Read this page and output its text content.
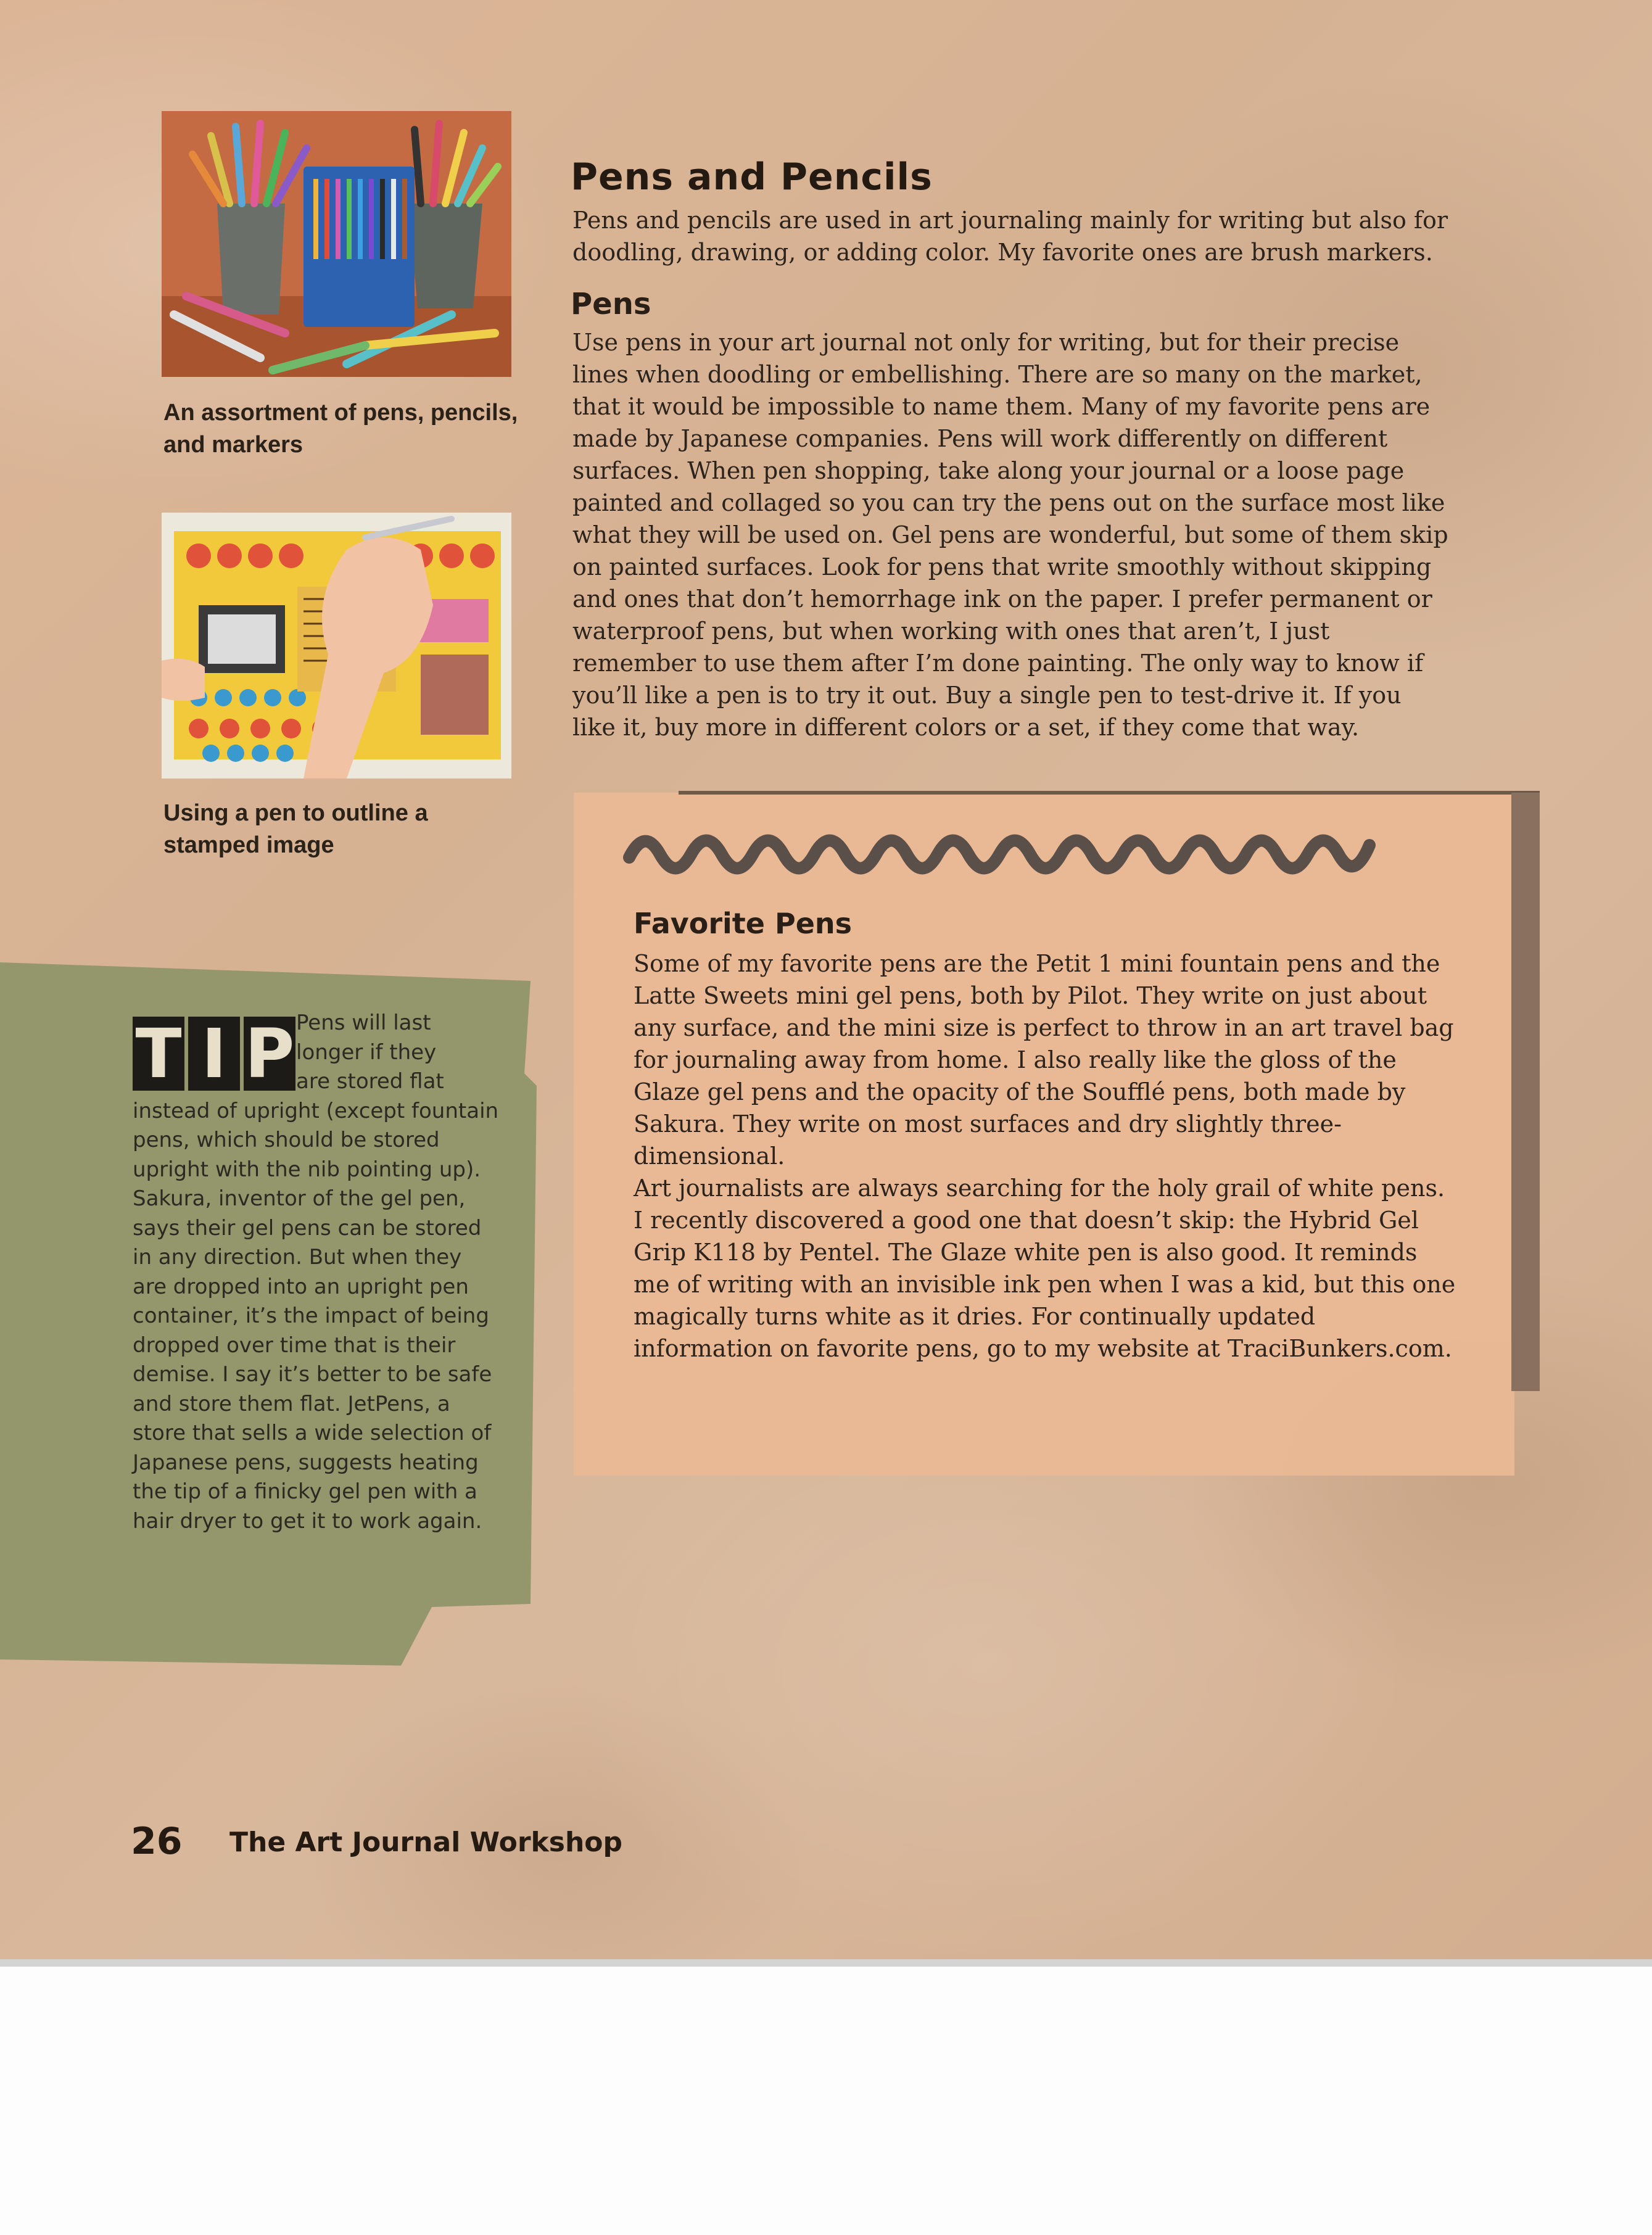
An assortment of pens, pencils, and markers
Using a pen to outline a stamped image
Pens and Pencils
Pens and pencils are used in art journaling mainly for writing but also for doodling, drawing, or adding color. My favorite ones are brush markers.
Pens
Use pens in your art journal not only for writing, but for their precise lines when doodling or embellishing. There are so many on the market, that it would be impossible to name them. Many of my favorite pens are made by Japanese companies. Pens will work differently on different surfaces. When pen shopping, take along your journal or a loose page painted and collaged so you can try the pens out on the surface most like what they will be used on. Gel pens are wonderful, but some of them skip on painted surfaces. Look for pens that write smoothly without skipping and ones that don’t hemorrhage ink on the paper. I prefer permanent or waterproof pens, but when working with ones that aren’t, I just remember to use them after I’m done painting. The only way to know if you’ll like a pen is to try it out. Buy a single pen to test-drive it. If you like it, buy more in different colors or a set, if they come that way.
Favorite Pens
Some of my favorite pens are the Petit 1 mini fountain pens and the Latte Sweets mini gel pens, both by Pilot. They write on just about any surface, and the mini size is perfect to throw in an art travel bag for journaling away from home. I also really like the gloss of the Glaze gel pens and the opacity of the Soufflé pens, both made by Sakura. They write on most surfaces and dry slightly three-dimensional.
Art journalists are always searching for the holy grail of white pens. I recently discovered a good one that doesn’t skip: the Hybrid Gel Grip K118 by Pentel. The Glaze white pen is also good. It reminds me of writing with an invisible ink pen when I was a kid, but this one magically turns white as it dries. For continually updated information on favorite pens, go to my website at TraciBunkers.com.
T I P Pens will last
longer if they
are stored flat
instead of upright (except fountain
pens, which should be stored
upright with the nib pointing up).
Sakura, inventor of the gel pen,
says their gel pens can be stored
in any direction. But when they
are dropped into an upright pen
container, it’s the impact of being
dropped over time that is their
demise. I say it’s better to be safe
and store them flat. JetPens, a
store that sells a wide selection of
Japanese pens, suggests heating
the tip of a finicky gel pen with a
hair dryer to get it to work again.
26 The Art Journal Workshop
